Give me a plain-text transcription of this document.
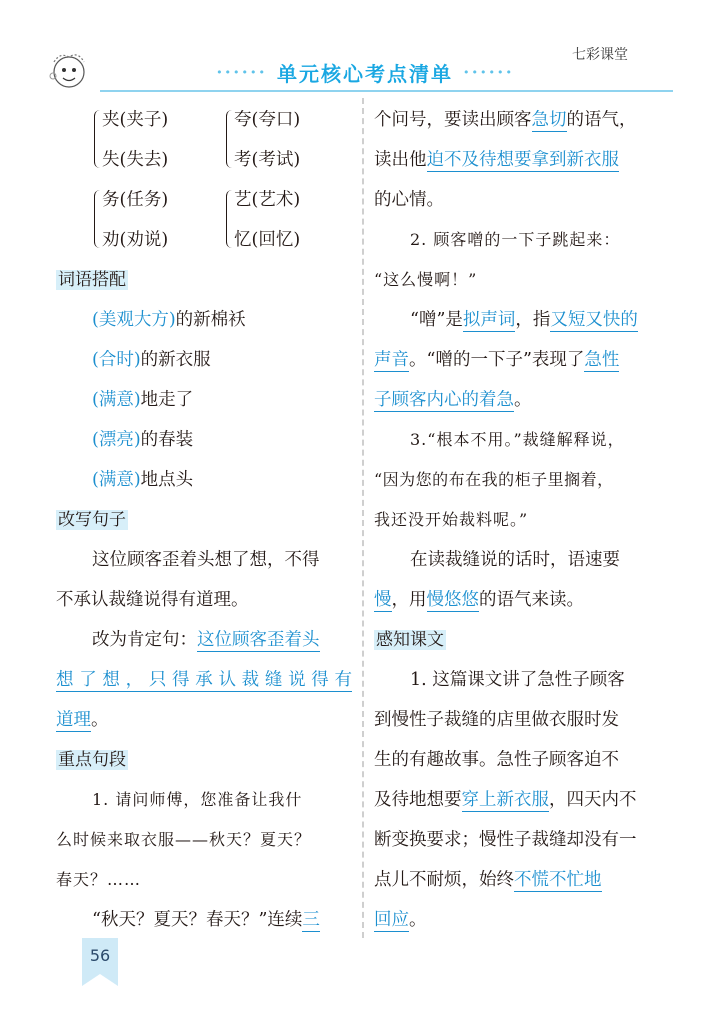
七彩课堂
•••••• 单元核心考点清单 ••••••
夹(夹子)
失(失去)
夸(夸口)
考(考试)
务(任务)
劝(劝说)
艺(艺术)
忆(回忆)
词语搭配
(美观大方)的新棉袄
(合时)的新衣服
(满意)地走了
(漂亮)的春装
(满意)地点头
改写句子
这位顾客歪着头想了想，不得
不承认裁缝说得有道理。
改为肯定句：这位顾客歪着头
想了想，只得承认裁缝说得有
道理。
重点句段
1. 请问师傅，您准备让我什
么时候来取衣服——秋天？夏天？
春天？……
“秋天？夏天？春天？”连续三
个问号，要读出顾客急切的语气，
读出他迫不及待想要拿到新衣服
的心情。
2. 顾客噌的一下子跳起来：
“这么慢啊！”
“噌”是拟声词，指又短又快的
声音。“噌的一下子”表现了急性
子顾客内心的着急。
3.“根本不用。”裁缝解释说，
“因为您的布在我的柜子里搁着，
我还没开始裁料呢。”
在读裁缝说的话时，语速要
慢，用慢悠悠的语气来读。
感知课文
1. 这篇课文讲了急性子顾客
到慢性子裁缝的店里做衣服时发
生的有趣故事。急性子顾客迫不
及待地想要穿上新衣服，四天内不
断变换要求；慢性子裁缝却没有一
点儿不耐烦，始终不慌不忙地
回应。
56
